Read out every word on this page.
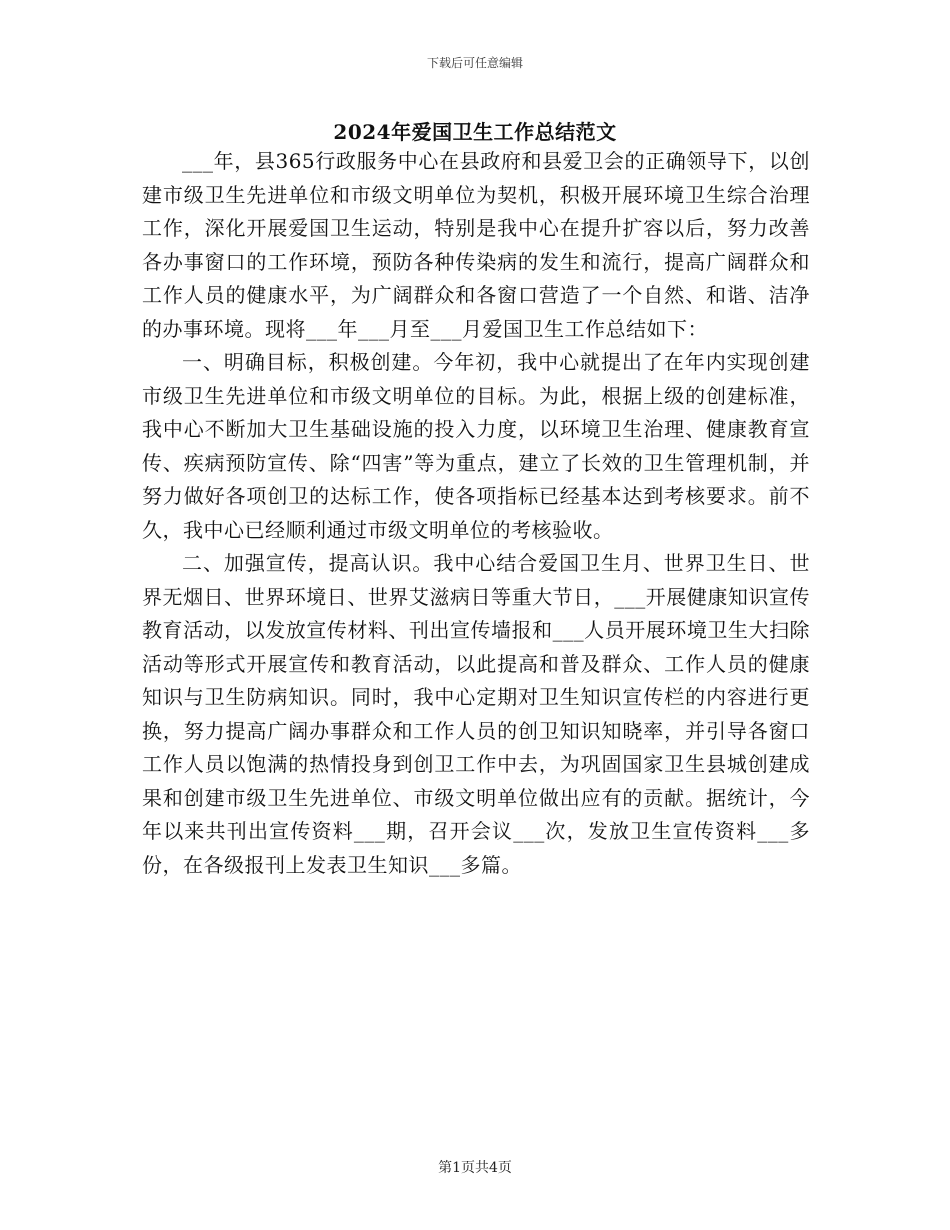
下载后可任意编辑
2024年爱国卫生工作总结范文

___年，县365行政服务中心在县政府和县爱卫会的正确领导下，以创建市级卫生先进单位和市级文明单位为契机，积极开展环境卫生综合治理工作，深化开展爱国卫生运动，特别是我中心在提升扩容以后，努力改善各办事窗口的工作环境，预防各种传染病的发生和流行，提高广阔群众和工作人员的健康水平，为广阔群众和各窗口营造了一个自然、和谐、洁净的办事环境。现将___年___月至___月爱国卫生工作总结如下：

一、明确目标，积极创建。今年初，我中心就提出了在年内实现创建市级卫生先进单位和市级文明单位的目标。为此，根据上级的创建标准，我中心不断加大卫生基础设施的投入力度，以环境卫生治理、健康教育宣传、疾病预防宣传、除“四害”等为重点，建立了长效的卫生管理机制，并努力做好各项创卫的达标工作，使各项指标已经基本达到考核要求。前不久，我中心已经顺利通过市级文明单位的考核验收。

二、加强宣传，提高认识。我中心结合爱国卫生月、世界卫生日、世界无烟日、世界环境日、世界艾滋病日等重大节日，___开展健康知识宣传教育活动，以发放宣传材料、刊出宣传墙报和___人员开展环境卫生大扫除活动等形式开展宣传和教育活动，以此提高和普及群众、工作人员的健康知识与卫生防病知识。同时，我中心定期对卫生知识宣传栏的内容进行更换，努力提高广阔办事群众和工作人员的创卫知识知晓率，并引导各窗口工作人员以饱满的热情投身到创卫工作中去，为巩固国家卫生县城创建成果和创建市级卫生先进单位、市级文明单位做出应有的贡献。据统计，今年以来共刊出宣传资料___期，召开会议___次，发放卫生宣传资料___多份，在各级报刊上发表卫生知识___多篇。

第1页共4页
